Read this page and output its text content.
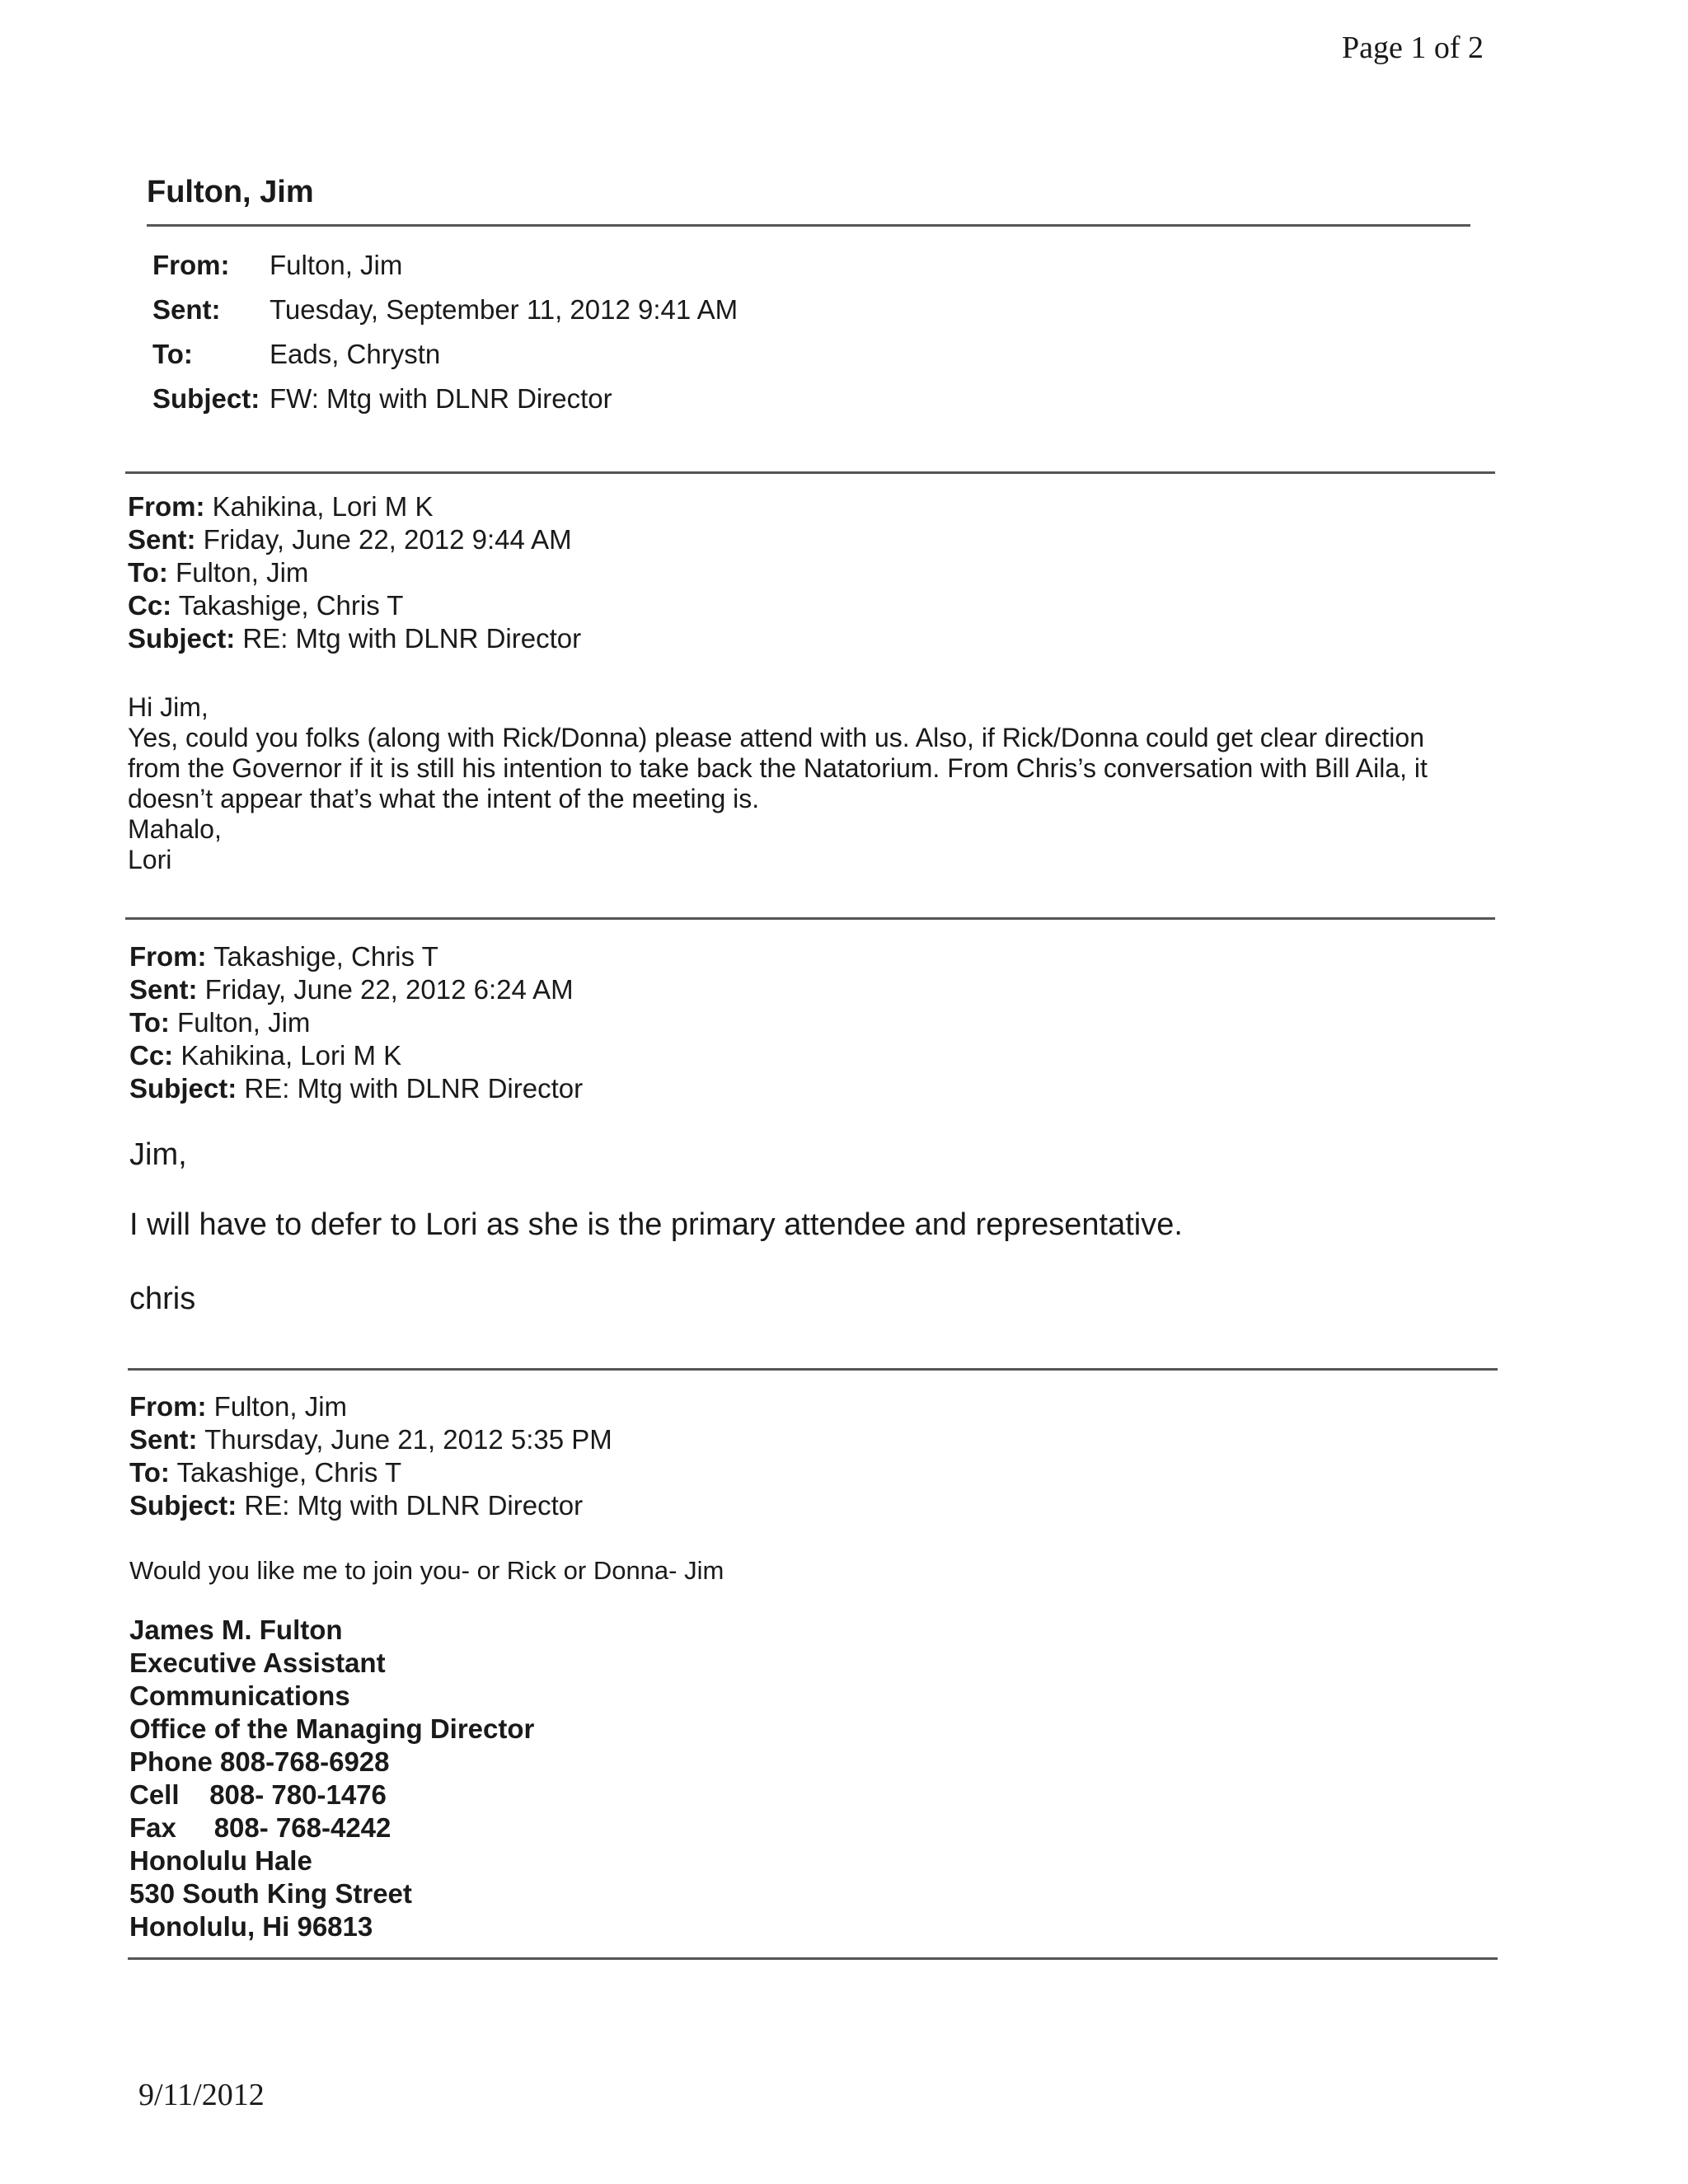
Page 1 of 2
Fulton, Jim
From:	Fulton, Jim
Sent:	Tuesday, September 11, 2012 9:41 AM
To:	Eads, Chrystn
Subject: FW: Mtg with DLNR Director
From: Kahikina, Lori M K
Sent: Friday, June 22, 2012 9:44 AM
To: Fulton, Jim
Cc: Takashige, Chris T
Subject: RE: Mtg with DLNR Director
Hi Jim,
Yes, could you folks (along with Rick/Donna) please attend with us. Also, if Rick/Donna could get clear direction
from the Governor if it is still his intention to take back the Natatorium. From Chris’s conversation with Bill Aila, it
doesn’t appear that’s what the intent of the meeting is.
Mahalo,
Lori
From: Takashige, Chris T
Sent: Friday, June 22, 2012 6:24 AM
To: Fulton, Jim
Cc: Kahikina, Lori M K
Subject: RE: Mtg with DLNR Director
Jim,
I will have to defer to Lori as she is the primary attendee and representative.
chris
From: Fulton, Jim
Sent: Thursday, June 21, 2012 5:35 PM
To: Takashige, Chris T
Subject: RE: Mtg with DLNR Director
Would you like me to join you- or Rick or Donna- Jim
James M. Fulton
Executive Assistant
Communications
Office of the Managing Director
Phone 808-768-6928
Cell    808- 780-1476
Fax     808- 768-4242
Honolulu Hale
530 South King Street
Honolulu, Hi 96813
9/11/2012
